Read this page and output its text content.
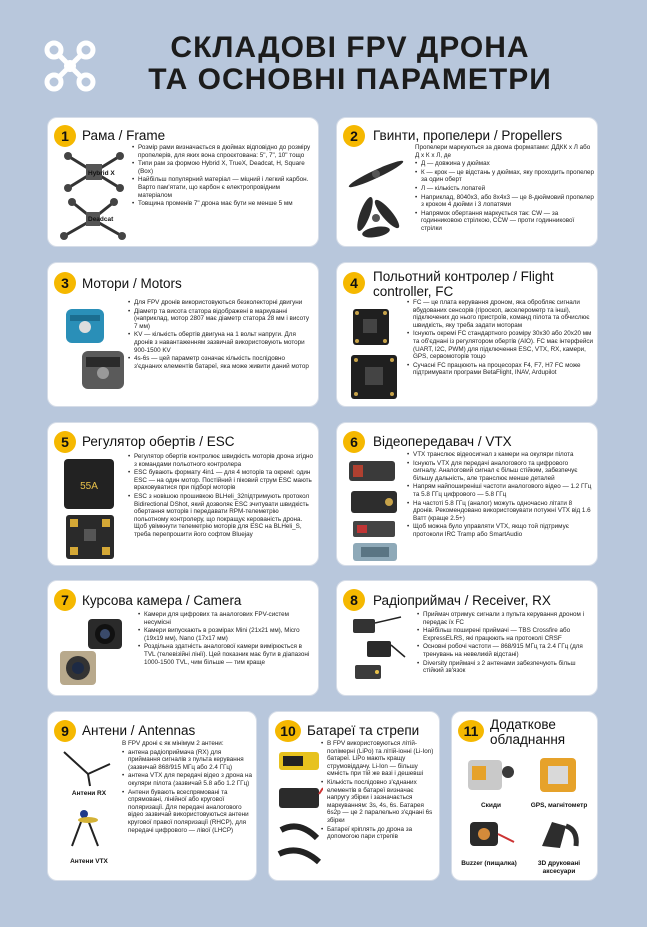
СКЛАДОВІ FPV ДРОНА
ТА ОСНОВНІ ПАРАМЕТРИ
1 Рама / Frame
Hybrid X
Deadcat
• Розмір рами визначається в дюймах відповідно до розміру пропелерів, для яких вона спроєктована: 5", 7", 10" тощо
• Типи рам за формою Hybrid X, TrueX, Deadcat, H, Square (Box)
• Найбільш популярний матеріал — міцний і легкий карбон. Варто пам'ятати, що карбон є електропровідним матеріалом
• Товщина променів 7" дрона має бути не менше 5 мм
2	Гвинти, пропелери / Propellers
Пропелери маркуються за двома форматами: ДДКК х Л або Д х К х Л, де
• Д — довжина у дюймах
• К — крок — це відстань у дюймах, яку проходить пропелер за один оберт
• Л — кількість лопатей
• Наприклад, 8040x3, або 8x4x3 — це 8-дюймовий пропелер з кроком 4 дюйми і 3 лопатями
• Напрямок обертання маркується так: CW — за годинниковою стрілкою, CCW — проти годинникової стрілки
3 Мотори / Motors
• Для FPV дронів використовуються безколекторні двигуни
• Діаметр та висота статора відображені в маркуванні (наприклад, мотор 2807 має діаметр статора 28 мм і висоту 7 мм)
• KV — кількість обертів двигуна на 1 вольт напруги. Для дронів з навантаженням зазвичай використовують мотори 900-1500 KV
• 4s-6s — цей параметр означає кількість послідовно з'єднаних елементів батареї, яка може живити даний мотор
4	Польотний контролер / Flight controller, FC
• FC — це плата керування дроном, яка обробляє сигнали вбудованих сенсорів (гіроскоп, акселерометр та інші), підключених до нього пристроїв, команд пілота та обчислює швидкість, яку треба задати моторам
• Існують окремі FC стандартного розміру 30x30 або 20x20 мм та об'єднані із регулятором обертів (AIO). FC має інтерфейси (UART, I2C, PWM) для підключення ESC, VTX, RX, камери, GPS, сервомоторів тощо
• Сучасні FC працюють на процесорах F4, F7, H7 FC може підтримувати програми BetaFlight, INAV, Ardupilot
5 Регулятор обертів / ESC
55A
• Регулятор обертів контролює швидкість моторів дрона згідно з командами польотного контролера
• ESC бувають формату 4in1 — для 4 моторів та окремі: один ESC — на один мотор. Постійний і піковий струм ESC мають враховуватися при підборі моторів
• ESC з новішою прошивкою BLHeli_32підтримують протокол Bidirectional DShot, який дозволяє ESC зчитувати швидкість обертання моторів і передавати RPM-телеметрію польотному контролеру, що покращує керованість дрона. Щоб увімкнути телеметрію моторів для ESC на BLHeli_S, треба перепрошити його софтом Bluejay
6	Відеопередавач / VTX
• VTX транслює відеосигнал з камери на окуляри пілота
• Існують VTX для передачі аналогового та цифрового сигналу. Аналоговий сигнал є більш стійким, забезпечує більшу дальність, але транслює менше деталей
• Напрям найпоширеніші частоти аналогового відео — 1.2 ГГц та 5.8 ГГц цифрового — 5.8 ГГц
• На частоті 5.8 ГГц (аналог) можуть одночасно літати 8 дронів. Рекомендовано використовувати потужні VTX від 1.6 Ватт (краще 2.5+)
• Щоб можна було управляти VTX, якщо той підтримує протоколи IRC Tramp або SmartAudio
7 Курсова камера / Camera
• Камери для цифрових та аналогових FPV-систем несумісні
• Камери випускають в розмірах Mini (21x21 мм), Micro (19x19 мм), Nano (17x17 мм)
• Роздільна здатність аналогової камери вимірюється в TVL (телевізійні лінії). Цей показник має бути в діапазоні 1000-1500 TVL, чим більше — тим краще
8	Радіоприймач / Receiver, RX
• Приймач отримує сигнали з пульта керування дроном і передає їх FC
• Найбільш поширені приймачі — TBS Crossfire або ExpressELRS, які працюють на протоколі CRSF
• Основні робочі частоти — 868/915 МГц та 2.4 ГГц (для тренувань на невеликій відстані)
• Diversity приймачі з 2 антенами забезпечують більш стійкий зв'язок
9 Антени / Antennas
Антени RX
Антени VTX
В FPV дроні є як мінімум 2 антени:
• антена радіоприймача (RX) для приймання сигналів з пульта керування (зазвичай 868/915 МГц або 2.4 ГГц)
• антена VTX для передачі відео з дрона на окуляри пілота (зазвичай 5.8 або 1.2 ГГц)
• Антени бувають всеспрямовані та спрямовані, лінійної або кругової поляризації. Для передачі аналогового відео зазвичай використовуються антени кругової правої поляризації (RHCP), для передачі цифрового — лівої (LHCP)
10 Батареї та стрепи
• В FPV використовуються літій-полімерні (LiPo) та літій-іонні (Li-Ion) батареї. LiPo мають кращу струмовіддачу. Li-Ion — більшу ємність при тій же вазі і дешевші
• Кількість послідовно з'єднаних елементів в батареї визначає напругу збірки і зазначається маркуванням: 3s, 4s, 6s. Батарея 6s2p — це 2 паралельно з'єднані 6s збірки
• Батареї кріплять до дрона за допомогою пари стрепів
11 Додаткове обладнання
Скиди	GPS, магнітометр
Buzzer (пищалка)	3D друковані аксесуари
